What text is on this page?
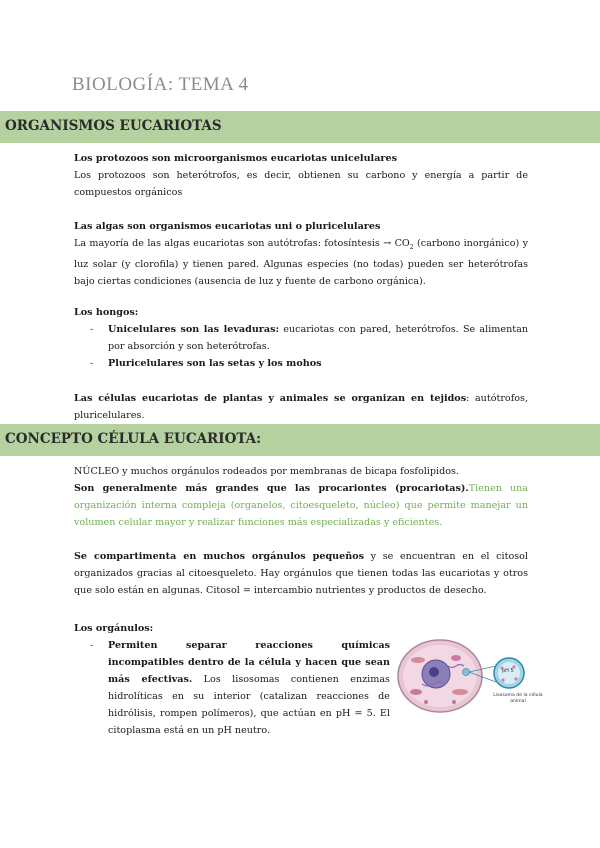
BIOLOGÍA: TEMA 4
ORGANISMOS EUCARIOTAS
Los protozoos son microorganismos eucariotas unicelulares
Los protozoos son heterótrofos, es decir, obtienen su carbono y energía a partir de compuestos orgánicos
Las algas son organismos eucariotas uni o pluricelulares
La mayoría de las algas eucariotas son autótrofas: fotosíntesis → $CO_2$ (carbono inorgánico) y luz solar (y clorofila) y tienen pared. Algunas especies (no todas) pueden ser heterótrofas bajo ciertas condiciones (ausencia de luz y fuente de carbono orgánica).
Los hongos:
- Unicelulares son las levaduras: eucariotas con pared, heterótrofos. Se alimentan por absorción y son heterótrofas.
- Pluricelulares son las setas y los mohos
Las células eucariotas de plantas y animales se organizan en tejidos: autótrofos, pluricelulares.
CONCEPTO CÉLULA EUCARIOTA:
NÚCLEO y muchos orgánulos rodeados por membranas de bicapa fosfolipidos.
Son generalmente más grandes que las procariontes (procariotas).Tienen una organización interna compleja (organelos, citoesqueleto, núcleo) que permite manejar un volumen celular mayor y realizar funciones más especializadas y eficientes.
Se compartimenta en muchos orgánulos pequeños y se encuentran en el citosol organizados gracias al citoesqueleto. Hay orgánulos que tienen todas las eucariotas y otros que solo están en algunas. Citosol = intercambio nutrientes y productos de desecho.
Los orgánulos:
- Permiten separar reacciones químicas incompatibles dentro de la célula y hacen que sean más efectivas. Los lisosomas contienen enzimas hidrolíticas en su interior (catalizan reacciones de hidrólisis, rompen polímeros), que actúan en pH = 5. El citoplasma está en un pH neutro.
pH 5
Lisosoma de la célula animal
